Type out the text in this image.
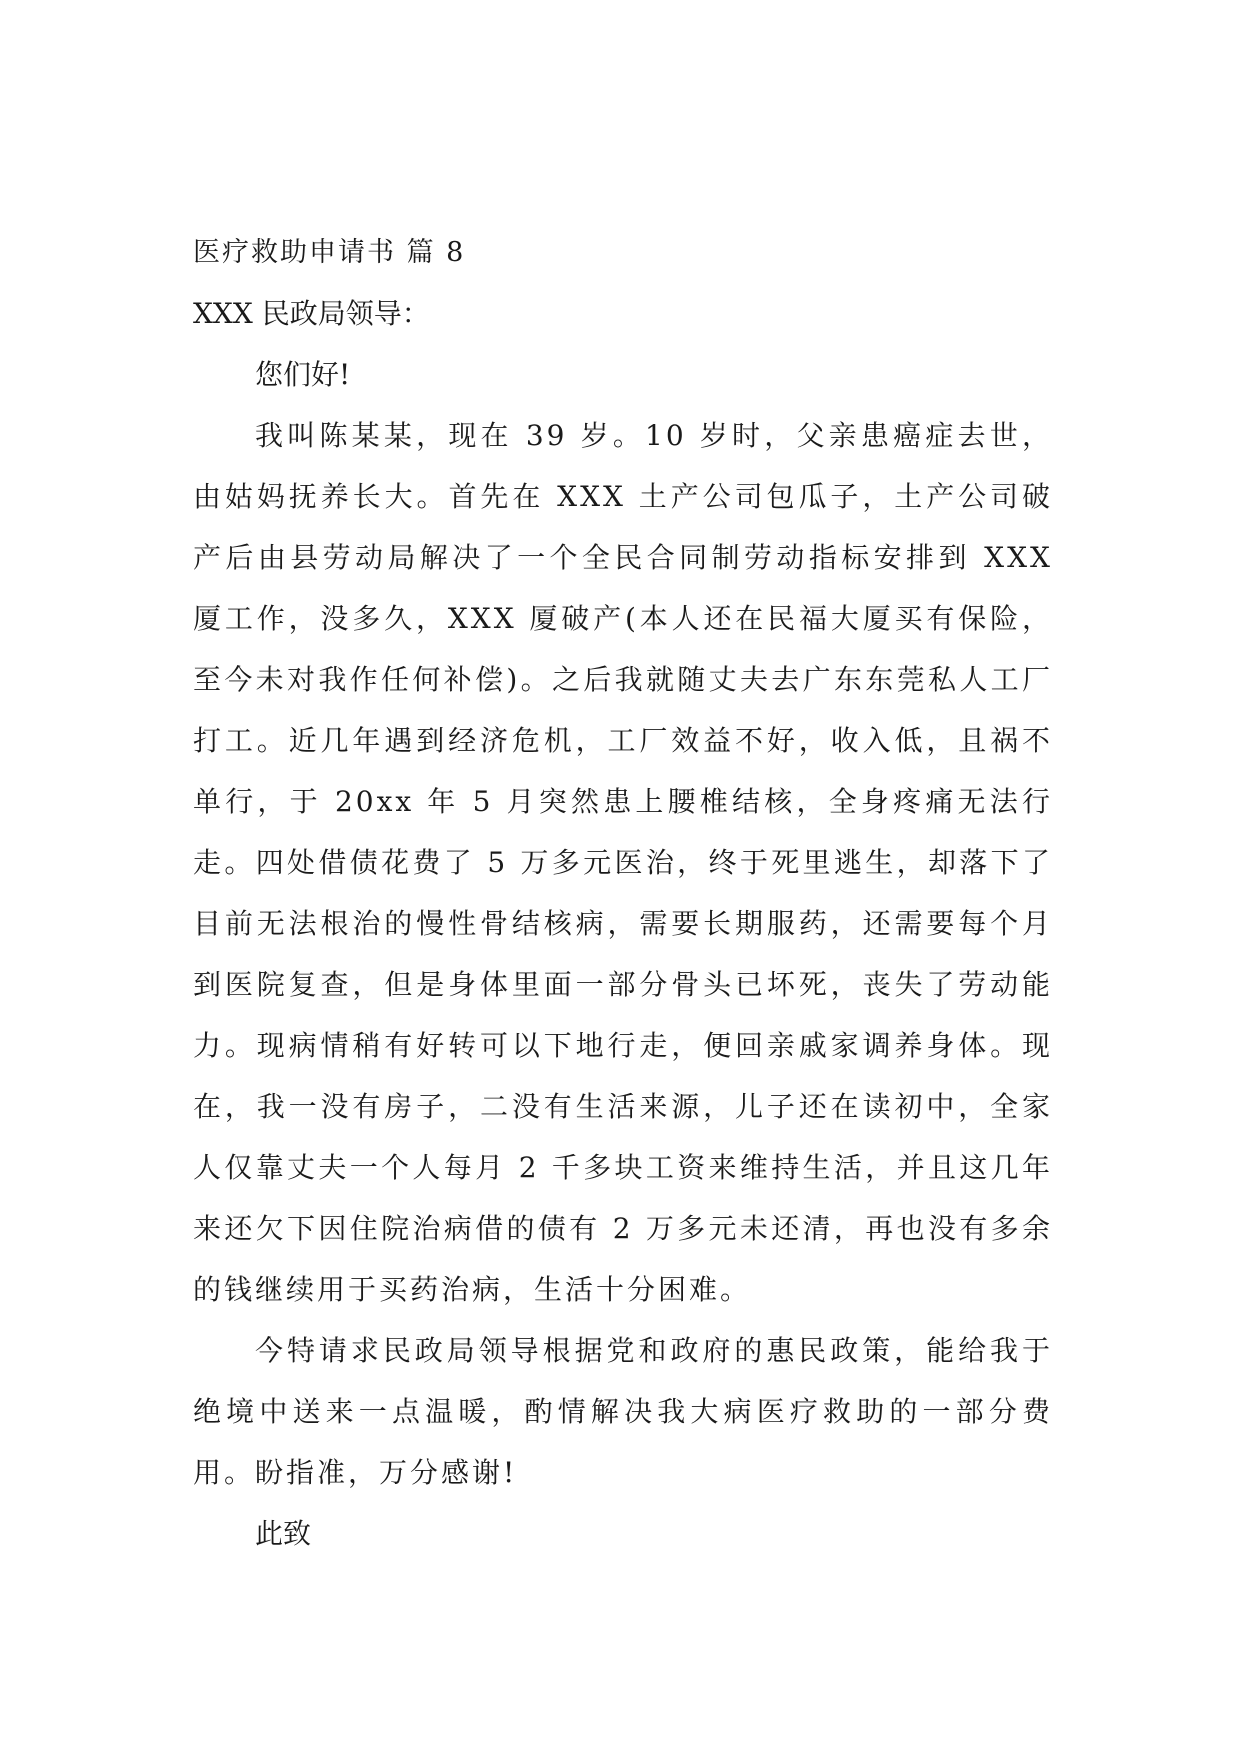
医疗救助申请书 篇 8
XXX 民政局领导：
您们好!

我叫陈某某，现在 39 岁。10 岁时，父亲患癌症去世，由姑妈抚养长大。首先在 XXX 土产公司包瓜子，土产公司破产后由县劳动局解决了一个全民合同制劳动指标安排到 XXX 厦工作，没多久，XXX 厦破产(本人还在民福大厦买有保险，至今未对我作任何补偿)。之后我就随丈夫去广东东莞私人工厂打工。近几年遇到经济危机，工厂效益不好，收入低，且祸不单行，于 20xx 年 5 月突然患上腰椎结核，全身疼痛无法行走。四处借债花费了 5 万多元医治，终于死里逃生，却落下了目前无法根治的慢性骨结核病，需要长期服药，还需要每个月到医院复查，但是身体里面一部分骨头已坏死，丧失了劳动能力。现病情稍有好转可以下地行走，便回亲戚家调养身体。现在，我一没有房子，二没有生活来源，儿子还在读初中，全家人仅靠丈夫一个人每月 2 千多块工资来维持生活，并且这几年来还欠下因住院治病借的债有 2 万多元未还清，再也没有多余的钱继续用于买药治病，生活十分困难。

今特请求民政局领导根据党和政府的惠民政策，能给我于绝境中送来一点温暖，酌情解决我大病医疗救助的一部分费用。盼指准，万分感谢!

此致
